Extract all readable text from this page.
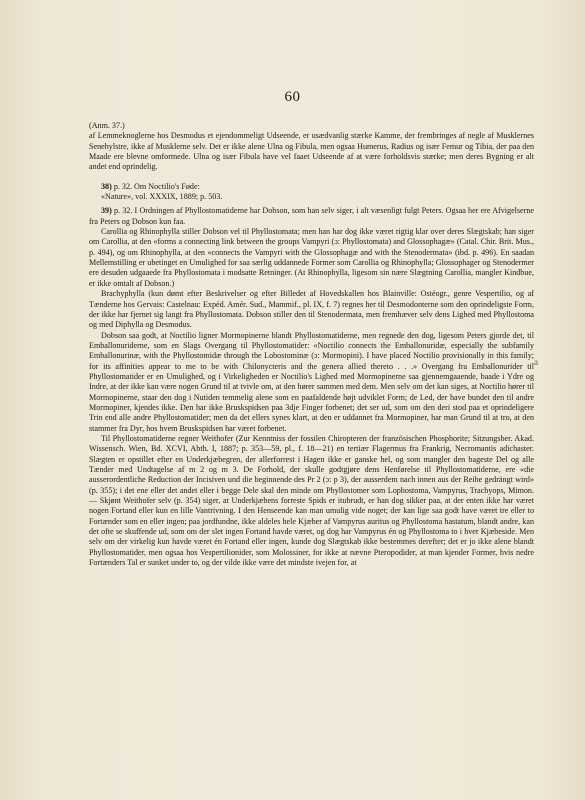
60

(Anm. 37.)

af Lemmeknoglerne hos Desmodus et ejendommeligt Udseende, er usædvanlig stærke Kamme, der frembringes af negle af Musklernes Senehylstre, ikke af Musklerne selv. Det er ikke alene Ulna og Fibula, men ogsaa Humerus, Radius og især Femur og Tibia, der paa den Maade ere blevne omformede. Ulna og især Fibula have vel faaet Udseende af at være forholdsvis stærke; men deres Bygning er alt andet end oprindelig.

38) p. 32. Om Noctilio's Føde:

«Nature», vol. XXXIX, 1889; p. 503.

39) p. 32. I Ordningen af Phyllostomatiderne har Dobson, som han selv siger, i alt væsenligt fulgt Peters. Ogsaa her ere Afvigelserne fra Peters og Dobson kun faa.

Carollia og Rhinophylla stiller Dobson vel til Phyllostomata; men han har dog ikke været rigtig klar over deres Slægtskab; han siger om Carollia, at den «forms a connecting link between the groups Vampyri (ɔ: Phyllostomata) and Glossophagæ» (Catal. Chir. Brit. Mus., p. 494), og om Rhinophylla, at den «connects the Vampyri with the Glossophagæ and with the Stenodermata» (ibd. p. 496). En saadan Mellemstilling er ubetinget en Umulighed for saa særlig uddannede Former som Carollia og Rhinophylla; Glossophager og Stenodermer ere desuden udgaaede fra Phyllostomata i modsatte Retninger. (At Rhinophylla, ligesom sin nære Slægtning Carollia, mangler Kindbue, er ikke omtalt af Dobson.)

Brachyphylla (kun dømt efter Beskrivelser og efter Billedet af Hovedskallen hos Blainville: Ostéogr., genre Vespertilio, og af Tænderne hos Gervais: Castelnau: Expéd. Amér. Sud., Mammif., pl. IX, f. 7) regnes her til Desmodonterne som den oprindeligste Form, der ikke har fjernet sig langt fra Phyllostomata. Dobson stiller den til Stenodermata, men fremhæver selv dens Lighed med Phyllostoma og med Diphylla og Desmodus.

Dobson saa godt, at Noctilio ligner Mormopinerne blandt Phyllostomatiderne, men regnede den dog, ligesom Peters gjorde det, til Emballonuriderne, som en Slags Overgang til Phyllostomatider: «Noctilio connects the Emballonuridæ, especially the subfamily Emballonurinæ, with the Phyllostomidæ through the Lobostominæ (ɔ: Mormopini). I have placed Noctilio provisionally in this family; for its affinities appear to me to be with Chilonycteris and the genera allied thereto . . .» Overgang fra Emballonurider til Phyllostomatider er en Umulighed, og i Virkeligheden er Noctilio's Lighed med Mormopinerne saa gjennemgaaende, baade i Ydre og Indre, at der ikke kan være nogen Grund til at tvivle om, at den hører sammen med dem. Men selv om det kan siges, at Noctilio hører til Mormopinerne, staar den dog i Nutiden temmelig alene som en paafaldende højt udviklet Form; de Led, der have bundet den til andre Mormopiner, kjendes ikke. Den har ikke Bruskspidsen paa 3dje Finger forbenet; det ser ud, som om den deri stod paa et oprindeligere Trin end alle andre Phyllostomatider; men da det ellers synes klart, at den er uddannet fra Mormopiner, har man Grund til at tro, at den stammer fra Dyr, hos hvem Bruskspidsen har været forbenet.

Til Phyllostomatiderne regner Weithofer (Zur Kenntniss der fossilen Chiropteren der französischen Phosphorite; Sitzungsber. Akad. Wissensch. Wien, Bd. XCVI, Abth. I, 1887; p. 353—59, pl., f. 18—21) en tertiær Flagermus fra Frankrig, Necromantis adichaster. Slægten er opstillet efter en Underkjæbegren, der allerforrest i Hagen ikke er ganske hel, og som mangler den bageste Del og alle Tænder med Undtagelse af m 2 og m 3. De Forhold, der skulle godtgjøre dens Henførelse til Phyllostomatiderne, ere «die ausserordentliche Reduction der Incisiven und die beginnende des Pr 2 (ɔ: p 3), der ausserdem nach innen aus der Reihe gedrängt wird» (p. 355); i det ene eller det andet eller i begge Dele skal den minde om Phyllostomer som Lophostoma, Vampyrus, Trachyops, Mimon. — Skjønt Weithofer selv (p. 354) siger, at Underkjæbens forreste Spids er itubrudt, er han dog sikker paa, at der enten ikke har været nogen Fortand eller kun en lille Vantrivning. I den Henseende kan man umulig vide noget; der kan lige saa godt have været tre eller to Fortænder som en eller ingen; paa jordfundne, ikke aldeles hele Kjæber af Vampyrus auritus og Phyllostoma hastatum, blandt andre, kan det ofte se skuffende ud, som om der slet ingen Fortand havde været, og dog har Vampyrus én og Phyllostoma to i hver Kjæbeside. Men selv om der virkelig kun havde været én Fortand eller ingen, kunde dog Slægtskab ikke bestemmes derefter; det er jo ikke alene blandt Phyllostomatider, men ogsaa hos Vespertilionider, som Molossiner, for ikke at nævne Pteropodider, at man kjender Former, hvis nedre Fortænders Tal er sunket under to, og der vilde ikke være det mindste ivejen for, at

a
